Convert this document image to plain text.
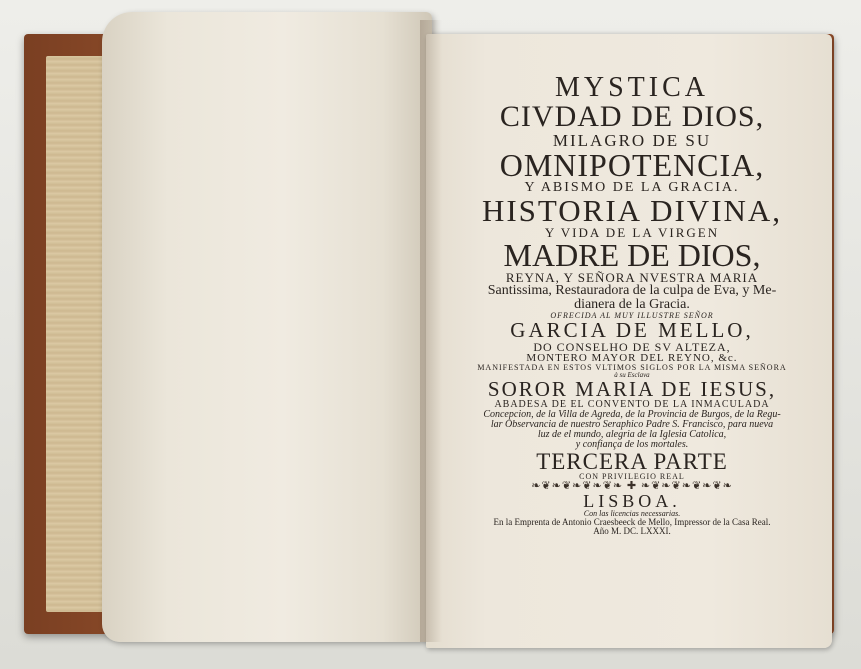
MYSTICA
CIVDAD DE DIOS,
MILAGRO DE SU
OMNIPOTENCIA,
Y ABISMO DE LA GRACIA.
HISTORIA DIVINA,
Y VIDA DE LA VIRGEN
MADRE DE DIOS,
REYNA, Y SEÑORA NVESTRA MARIA
Santissima, Restauradora de la culpa de Eva, y Me-
dianera de la Gracia.
OFRECIDA AL MUY ILLUSTRE SEÑOR
GARCIA DE MELLO,
DO CONSELHO DE SV ALTEZA,
MONTERO MAYOR DEL REYNO, &c.
MANIFESTADA EN ESTOS VLTIMOS SIGLOS POR LA MISMA SEÑORA
à su Esclava
SOROR MARIA DE IESUS,
ABADESA DE EL CONVENTO DE LA INMACULADA
Concepcion, de la Villa de Agreda, de la Provincia de Burgos, de la Regu-
lar Observancia de nuestro Seraphico Padre S. Francisco, para nueva
luz de el mundo, alegria de la Iglesia Catolica,
y confiança de los mortales.
TERCERA PARTE
CON PRIVILEGIO REAL
❧❦❧❦❧❦❧❦❧ ✚ ❧❦❧❦❧❦❧❦❧
LISBOA.
Con las licencias necessarias.
En la Emprenta de Antonio Craesbeeck de Mello, Impressor de la Casa Real.
Año M. DC. LXXXI.
